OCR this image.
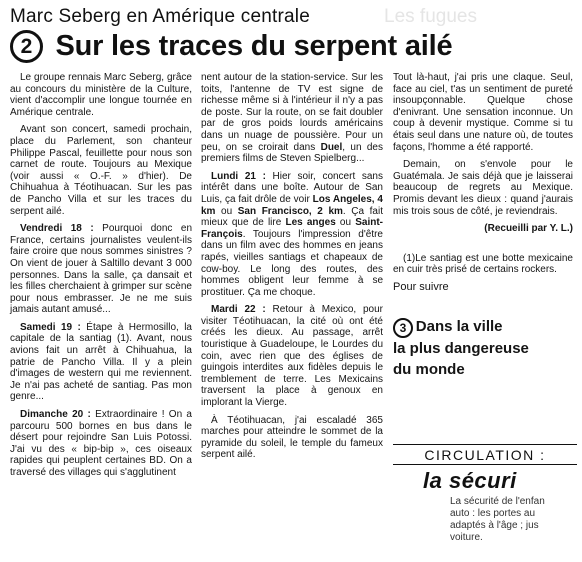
Marc Seberg en Amérique centrale	Les fugues
2 Sur les traces du serpent ailé

Le groupe rennais Marc Seberg, grâce au concours du ministère de la Culture, vient d'accomplir une longue tournée en Amérique centrale.

Avant son concert, samedi prochain, place du Parlement, son chanteur Philippe Pascal, feuillette pour nous son carnet de route. Toujours au Mexique (voir aussi « O.-F. » d'hier). De Chihuahua à Téotihuacan. Sur les pas de Pancho Villa et sur les traces du serpent ailé.

Vendredi 18 : Pourquoi donc en France, certains journalistes veulent-ils faire croire que nous sommes sinistres ? On vient de jouer à Saltillo devant 3 000 personnes. Dans la salle, ça dansait et les filles cherchaient à grimper sur scène pour nous embrasser. Je ne me suis jamais autant amusé...

Samedi 19 : Étape à Hermosillo, la capitale de la santiag (1). Avant, nous avions fait un arrêt à Chihuahua, la patrie de Pancho Villa. Il y a plein d'images de western qui me reviennent. Je n'ai pas acheté de santiag. Pas mon genre...

Dimanche 20 : Extraordinaire ! On a parcouru 500 bornes en bus dans le désert pour rejoindre San Luis Potossi. J'ai vu des « bip-bip », ces oiseaux rapides qui peuplent certaines BD. On a traversé des villages qui s'agglutinent

nent autour de la station-service. Sur les toits, l'antenne de TV est signe de richesse même si à l'intérieur il n'y a pas de poste. Sur la route, on se fait doubler par de gros poids lourds américains dans un nuage de poussière. Pour un peu, on se croirait dans Duel, un des premiers films de Steven Spielberg...

Lundi 21 : Hier soir, concert sans intérêt dans une boîte. Autour de San Luis, ça fait drôle de voir Los Angeles, 4 km ou San Francisco, 2 km. Ça fait mieux que de lire Les anges ou Saint-François. Toujours l'impression d'être dans un film avec des hommes en jeans rapés, vieilles santiags et chapeaux de cow-boy. Le long des routes, des hommes obligent leur femme à se prostituer. Ça me choque.

Mardi 22 : Retour à Mexico, pour visiter Téotihuacan, la cité où ont été créés les dieux. Au passage, arrêt touristique à Guadeloupe, le Lourdes du coin, avec rien que des églises de guingois interdites aux fidèles depuis le tremblement de terre. Les Mexicains traversent la place à genoux en implorant la Vierge.

À Téotihuacan, j'ai escaladé 365 marches pour atteindre le sommet de la pyramide du soleil, le temple du fameux serpent ailé.

Tout là-haut, j'ai pris une claque. Seul, face au ciel, t'as un sentiment de pureté insoupçonnable. Quelque chose d'enivrant. Une sensation inconnue. Un coup à devenir mystique. Comme si tu étais seul dans une nature où, de toutes façons, l'homme a été rapporté.

Demain, on s'envole pour le Guatémala. Je sais déjà que je laisserai beaucoup de regrets au Mexique. Promis devant les dieux : quand j'aurais mis trois sous de côté, je reviendrais.

(Recueilli par Y. L.)

(1)Le santiag est une botte mexicaine en cuir très prisé de certains rockers.

Pour suivre
3 Dans la ville
la plus dangereuse
du monde
CIRCULATION :
la sécuri
La sécurité de l'enfan
auto : les portes au
adaptés à l'âge ; jus
voiture.
